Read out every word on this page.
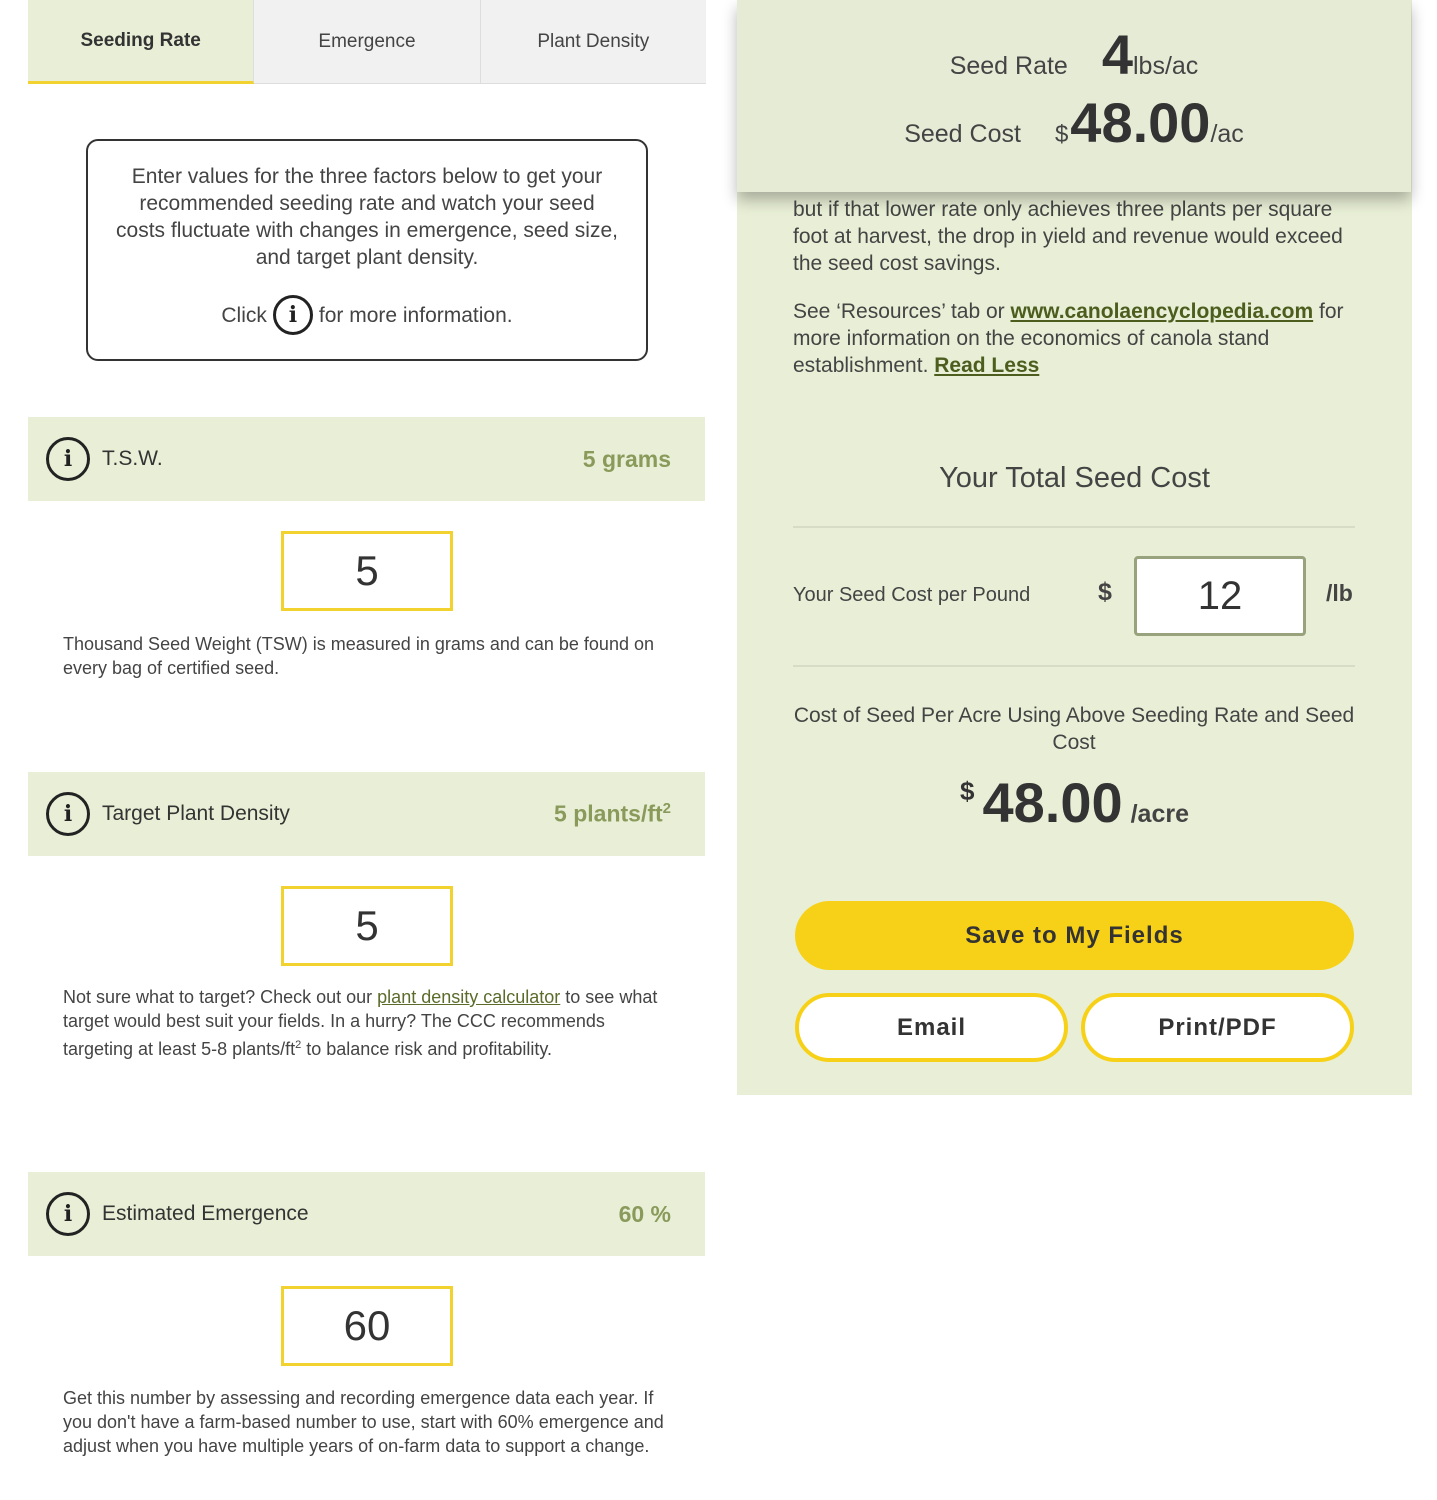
Seeding Rate	Emergence	Plant Density
Enter values for the three factors below to get your recommended seeding rate and watch your seed costs fluctuate with changes in emergence, seed size, and target plant density.
Click i	for more information.
i	T.S.W.	5 grams
5
Thousand Seed Weight (TSW) is measured in grams and can be found on every bag of certified seed.
i	Target Plant Density	5 plants/$ft^2$
5
Not sure what to target? Check out our plant density calculator to see what target would best suit your fields. In a hurry? The CCC recommends targeting at least 5-8 plants/$ft^2$ to balance risk and profitability.
i	Estimated Emergence	60 %
60
Get this number by assessing and recording emergence data each year. If you don't have a farm-based number to use, start with 60% emergence and adjust when you have multiple years of on-farm data to support a change.
Seed Rate 4 lbs/ac
Seed Cost $ 48.00 /ac

but if that lower rate only achieves three plants per square foot at harvest, the drop in yield and revenue would exceed the seed cost savings.

See ‘Resources’ tab or www.canolaencyclopedia.com for more information on the economics of canola stand establishment. Read Less

Your Total Seed Cost
Your Seed Cost per Pound	$
12	/lb
Cost of Seed Per Acre Using Above Seeding Rate and Seed Cost
$ 48.00 /acre
Save to My Fields
Email	Print/PDF
